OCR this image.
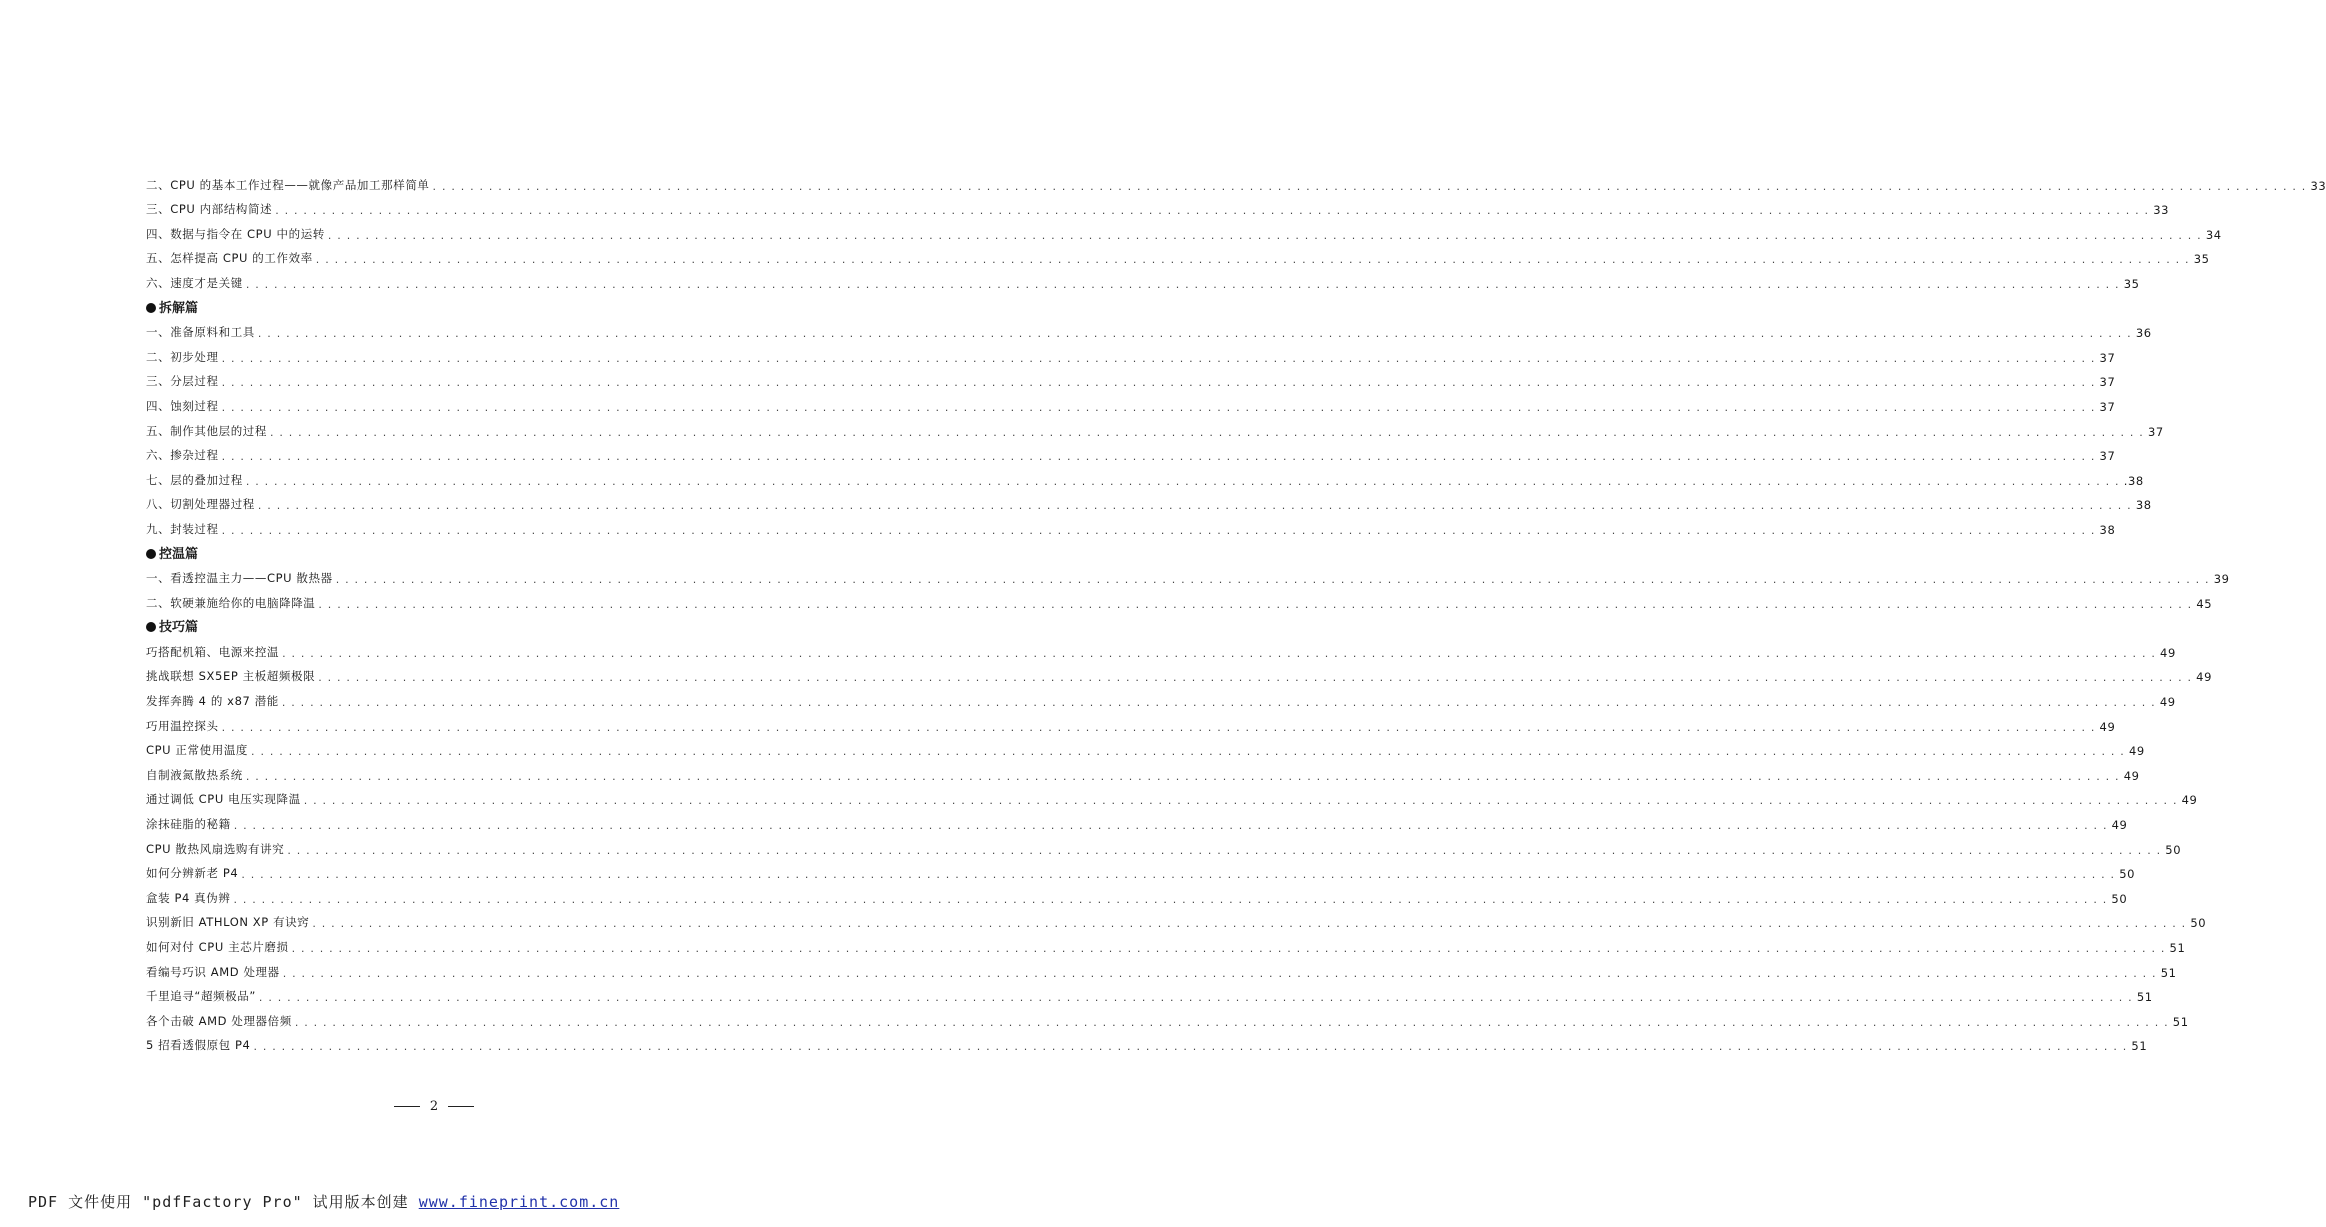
二、CPU 的基本工作过程——就像产品加工那样简单 . . . . . . . . . . . . . . . . . . . . . . . . . . . . . . . . . . . . . . . . . . . . . . . . . . . . . . . . . . . . . . . . . . . . . . . . . . . . . . . . . . . . . . . . . . . . . . . . . . . . . . . . . . . . . . . . . . . . . . . . . . . . . . . . . . . . . . . . . . . . . . . . . . . . . . . . . . . . . . . . . . . . . . . . . . . . . . . . . . . . . . . . . . . . . . . . . . . . . . . . 33
三、CPU 内部结构简述 . . . . . . . . . . . . . . . . . . . . . . . . . . . . . . . . . . . . . . . . . . . . . . . . . . . . . . . . . . . . . . . . . . . . . . . . . . . . . . . . . . . . . . . . . . . . . . . . . . . . . . . . . . . . . . . . . . . . . . . . . . . . . . . . . . . . . . . . . . . . . . . . . . . . . . . . . . . . . . . . . . . . . . . . . . . . . . . . . . . . . . . . . . . . . . . . . . . . . . . . 33
四、数据与指令在 CPU 中的运转 . . . . . . . . . . . . . . . . . . . . . . . . . . . . . . . . . . . . . . . . . . . . . . . . . . . . . . . . . . . . . . . . . . . . . . . . . . . . . . . . . . . . . . . . . . . . . . . . . . . . . . . . . . . . . . . . . . . . . . . . . . . . . . . . . . . . . . . . . . . . . . . . . . . . . . . . . . . . . . . . . . . . . . . . . . . . . . . . . . . . . . . . . . . . . . . . . . . . . . . . 34
五、怎样提高 CPU 的工作效率 . . . . . . . . . . . . . . . . . . . . . . . . . . . . . . . . . . . . . . . . . . . . . . . . . . . . . . . . . . . . . . . . . . . . . . . . . . . . . . . . . . . . . . . . . . . . . . . . . . . . . . . . . . . . . . . . . . . . . . . . . . . . . . . . . . . . . . . . . . . . . . . . . . . . . . . . . . . . . . . . . . . . . . . . . . . . . . . . . . . . . . . . . . . . . . . . . . . . . . . . 35
六、速度才是关键 . . . . . . . . . . . . . . . . . . . . . . . . . . . . . . . . . . . . . . . . . . . . . . . . . . . . . . . . . . . . . . . . . . . . . . . . . . . . . . . . . . . . . . . . . . . . . . . . . . . . . . . . . . . . . . . . . . . . . . . . . . . . . . . . . . . . . . . . . . . . . . . . . . . . . . . . . . . . . . . . . . . . . . . . . . . . . . . . . . . . . . . . . . . . . . . . . . . . . . . . 35
拆解篇
一、准备原料和工具 . . . . . . . . . . . . . . . . . . . . . . . . . . . . . . . . . . . . . . . . . . . . . . . . . . . . . . . . . . . . . . . . . . . . . . . . . . . . . . . . . . . . . . . . . . . . . . . . . . . . . . . . . . . . . . . . . . . . . . . . . . . . . . . . . . . . . . . . . . . . . . . . . . . . . . . . . . . . . . . . . . . . . . . . . . . . . . . . . . . . . . . . . . . . . . . . . . . . . . . . 36
二、初步处理 . . . . . . . . . . . . . . . . . . . . . . . . . . . . . . . . . . . . . . . . . . . . . . . . . . . . . . . . . . . . . . . . . . . . . . . . . . . . . . . . . . . . . . . . . . . . . . . . . . . . . . . . . . . . . . . . . . . . . . . . . . . . . . . . . . . . . . . . . . . . . . . . . . . . . . . . . . . . . . . . . . . . . . . . . . . . . . . . . . . . . . . . . . . . . . . . . . . . . . . . 37
三、分层过程 . . . . . . . . . . . . . . . . . . . . . . . . . . . . . . . . . . . . . . . . . . . . . . . . . . . . . . . . . . . . . . . . . . . . . . . . . . . . . . . . . . . . . . . . . . . . . . . . . . . . . . . . . . . . . . . . . . . . . . . . . . . . . . . . . . . . . . . . . . . . . . . . . . . . . . . . . . . . . . . . . . . . . . . . . . . . . . . . . . . . . . . . . . . . . . . . . . . . . . . . 37
四、蚀刻过程 . . . . . . . . . . . . . . . . . . . . . . . . . . . . . . . . . . . . . . . . . . . . . . . . . . . . . . . . . . . . . . . . . . . . . . . . . . . . . . . . . . . . . . . . . . . . . . . . . . . . . . . . . . . . . . . . . . . . . . . . . . . . . . . . . . . . . . . . . . . . . . . . . . . . . . . . . . . . . . . . . . . . . . . . . . . . . . . . . . . . . . . . . . . . . . . . . . . . . . . . 37
五、制作其他层的过程 . . . . . . . . . . . . . . . . . . . . . . . . . . . . . . . . . . . . . . . . . . . . . . . . . . . . . . . . . . . . . . . . . . . . . . . . . . . . . . . . . . . . . . . . . . . . . . . . . . . . . . . . . . . . . . . . . . . . . . . . . . . . . . . . . . . . . . . . . . . . . . . . . . . . . . . . . . . . . . . . . . . . . . . . . . . . . . . . . . . . . . . . . . . . . . . . . . . . . . . . 37
六、掺杂过程 . . . . . . . . . . . . . . . . . . . . . . . . . . . . . . . . . . . . . . . . . . . . . . . . . . . . . . . . . . . . . . . . . . . . . . . . . . . . . . . . . . . . . . . . . . . . . . . . . . . . . . . . . . . . . . . . . . . . . . . . . . . . . . . . . . . . . . . . . . . . . . . . . . . . . . . . . . . . . . . . . . . . . . . . . . . . . . . . . . . . . . . . . . . . . . . . . . . . . . . . 37
七、层的叠加过程 . . . . . . . . . . . . . . . . . . . . . . . . . . . . . . . . . . . . . . . . . . . . . . . . . . . . . . . . . . . . . . . . . . . . . . . . . . . . . . . . . . . . . . . . . . . . . . . . . . . . . . . . . . . . . . . . . . . . . . . . . . . . . . . . . . . . . . . . . . . . . . . . . . . . . . . . . . . . . . . . . . . . . . . . . . . . . . . . . . . . . . . . . . . . . . . . . . . . . . . . .38
八、切割处理器过程 . . . . . . . . . . . . . . . . . . . . . . . . . . . . . . . . . . . . . . . . . . . . . . . . . . . . . . . . . . . . . . . . . . . . . . . . . . . . . . . . . . . . . . . . . . . . . . . . . . . . . . . . . . . . . . . . . . . . . . . . . . . . . . . . . . . . . . . . . . . . . . . . . . . . . . . . . . . . . . . . . . . . . . . . . . . . . . . . . . . . . . . . . . . . . . . . . . . . . . . . 38
九、封装过程 . . . . . . . . . . . . . . . . . . . . . . . . . . . . . . . . . . . . . . . . . . . . . . . . . . . . . . . . . . . . . . . . . . . . . . . . . . . . . . . . . . . . . . . . . . . . . . . . . . . . . . . . . . . . . . . . . . . . . . . . . . . . . . . . . . . . . . . . . . . . . . . . . . . . . . . . . . . . . . . . . . . . . . . . . . . . . . . . . . . . . . . . . . . . . . . . . . . . . . . . 38
控温篇
一、看透控温主力——CPU 散热器 . . . . . . . . . . . . . . . . . . . . . . . . . . . . . . . . . . . . . . . . . . . . . . . . . . . . . . . . . . . . . . . . . . . . . . . . . . . . . . . . . . . . . . . . . . . . . . . . . . . . . . . . . . . . . . . . . . . . . . . . . . . . . . . . . . . . . . . . . . . . . . . . . . . . . . . . . . . . . . . . . . . . . . . . . . . . . . . . . . . . . . . . . . . . . . . . . . . . . . . . 39
二、软硬兼施给你的电脑降降温 . . . . . . . . . . . . . . . . . . . . . . . . . . . . . . . . . . . . . . . . . . . . . . . . . . . . . . . . . . . . . . . . . . . . . . . . . . . . . . . . . . . . . . . . . . . . . . . . . . . . . . . . . . . . . . . . . . . . . . . . . . . . . . . . . . . . . . . . . . . . . . . . . . . . . . . . . . . . . . . . . . . . . . . . . . . . . . . . . . . . . . . . . . . . . . . . . . . . . . . . 45
技巧篇
巧搭配机箱、电源来控温 . . . . . . . . . . . . . . . . . . . . . . . . . . . . . . . . . . . . . . . . . . . . . . . . . . . . . . . . . . . . . . . . . . . . . . . . . . . . . . . . . . . . . . . . . . . . . . . . . . . . . . . . . . . . . . . . . . . . . . . . . . . . . . . . . . . . . . . . . . . . . . . . . . . . . . . . . . . . . . . . . . . . . . . . . . . . . . . . . . . . . . . . . . . . . . . . . . . . . . . . 49
挑战联想 SX5EP 主板超频极限 . . . . . . . . . . . . . . . . . . . . . . . . . . . . . . . . . . . . . . . . . . . . . . . . . . . . . . . . . . . . . . . . . . . . . . . . . . . . . . . . . . . . . . . . . . . . . . . . . . . . . . . . . . . . . . . . . . . . . . . . . . . . . . . . . . . . . . . . . . . . . . . . . . . . . . . . . . . . . . . . . . . . . . . . . . . . . . . . . . . . . . . . . . . . . . . . . . . . . . . . 49
发挥奔腾 4 的 x87 潜能 . . . . . . . . . . . . . . . . . . . . . . . . . . . . . . . . . . . . . . . . . . . . . . . . . . . . . . . . . . . . . . . . . . . . . . . . . . . . . . . . . . . . . . . . . . . . . . . . . . . . . . . . . . . . . . . . . . . . . . . . . . . . . . . . . . . . . . . . . . . . . . . . . . . . . . . . . . . . . . . . . . . . . . . . . . . . . . . . . . . . . . . . . . . . . . . . . . . . . . . . 49
巧用温控探头 . . . . . . . . . . . . . . . . . . . . . . . . . . . . . . . . . . . . . . . . . . . . . . . . . . . . . . . . . . . . . . . . . . . . . . . . . . . . . . . . . . . . . . . . . . . . . . . . . . . . . . . . . . . . . . . . . . . . . . . . . . . . . . . . . . . . . . . . . . . . . . . . . . . . . . . . . . . . . . . . . . . . . . . . . . . . . . . . . . . . . . . . . . . . . . . . . . . . . . . . 49
CPU 正常使用温度 . . . . . . . . . . . . . . . . . . . . . . . . . . . . . . . . . . . . . . . . . . . . . . . . . . . . . . . . . . . . . . . . . . . . . . . . . . . . . . . . . . . . . . . . . . . . . . . . . . . . . . . . . . . . . . . . . . . . . . . . . . . . . . . . . . . . . . . . . . . . . . . . . . . . . . . . . . . . . . . . . . . . . . . . . . . . . . . . . . . . . . . . . . . . . . . . . . . . . . . . 49
自制液氮散热系统 . . . . . . . . . . . . . . . . . . . . . . . . . . . . . . . . . . . . . . . . . . . . . . . . . . . . . . . . . . . . . . . . . . . . . . . . . . . . . . . . . . . . . . . . . . . . . . . . . . . . . . . . . . . . . . . . . . . . . . . . . . . . . . . . . . . . . . . . . . . . . . . . . . . . . . . . . . . . . . . . . . . . . . . . . . . . . . . . . . . . . . . . . . . . . . . . . . . . . . . . 49
通过调低 CPU 电压实现降温 . . . . . . . . . . . . . . . . . . . . . . . . . . . . . . . . . . . . . . . . . . . . . . . . . . . . . . . . . . . . . . . . . . . . . . . . . . . . . . . . . . . . . . . . . . . . . . . . . . . . . . . . . . . . . . . . . . . . . . . . . . . . . . . . . . . . . . . . . . . . . . . . . . . . . . . . . . . . . . . . . . . . . . . . . . . . . . . . . . . . . . . . . . . . . . . . . . . . . . . . 49
涂抹硅脂的秘籍 . . . . . . . . . . . . . . . . . . . . . . . . . . . . . . . . . . . . . . . . . . . . . . . . . . . . . . . . . . . . . . . . . . . . . . . . . . . . . . . . . . . . . . . . . . . . . . . . . . . . . . . . . . . . . . . . . . . . . . . . . . . . . . . . . . . . . . . . . . . . . . . . . . . . . . . . . . . . . . . . . . . . . . . . . . . . . . . . . . . . . . . . . . . . . . . . . . . . . . . . 49
CPU 散热风扇选购有讲究 . . . . . . . . . . . . . . . . . . . . . . . . . . . . . . . . . . . . . . . . . . . . . . . . . . . . . . . . . . . . . . . . . . . . . . . . . . . . . . . . . . . . . . . . . . . . . . . . . . . . . . . . . . . . . . . . . . . . . . . . . . . . . . . . . . . . . . . . . . . . . . . . . . . . . . . . . . . . . . . . . . . . . . . . . . . . . . . . . . . . . . . . . . . . . . . . . . . . . . . . 50
如何分辨新老 P4 . . . . . . . . . . . . . . . . . . . . . . . . . . . . . . . . . . . . . . . . . . . . . . . . . . . . . . . . . . . . . . . . . . . . . . . . . . . . . . . . . . . . . . . . . . . . . . . . . . . . . . . . . . . . . . . . . . . . . . . . . . . . . . . . . . . . . . . . . . . . . . . . . . . . . . . . . . . . . . . . . . . . . . . . . . . . . . . . . . . . . . . . . . . . . . . . . . . . . . . . 50
盒装 P4 真伪辨 . . . . . . . . . . . . . . . . . . . . . . . . . . . . . . . . . . . . . . . . . . . . . . . . . . . . . . . . . . . . . . . . . . . . . . . . . . . . . . . . . . . . . . . . . . . . . . . . . . . . . . . . . . . . . . . . . . . . . . . . . . . . . . . . . . . . . . . . . . . . . . . . . . . . . . . . . . . . . . . . . . . . . . . . . . . . . . . . . . . . . . . . . . . . . . . . . . . . . . . . 50
识别新旧 ATHLON XP 有诀窍 . . . . . . . . . . . . . . . . . . . . . . . . . . . . . . . . . . . . . . . . . . . . . . . . . . . . . . . . . . . . . . . . . . . . . . . . . . . . . . . . . . . . . . . . . . . . . . . . . . . . . . . . . . . . . . . . . . . . . . . . . . . . . . . . . . . . . . . . . . . . . . . . . . . . . . . . . . . . . . . . . . . . . . . . . . . . . . . . . . . . . . . . . . . . . . . . . . . . . . . . 50
如何对付 CPU 主芯片磨损 . . . . . . . . . . . . . . . . . . . . . . . . . . . . . . . . . . . . . . . . . . . . . . . . . . . . . . . . . . . . . . . . . . . . . . . . . . . . . . . . . . . . . . . . . . . . . . . . . . . . . . . . . . . . . . . . . . . . . . . . . . . . . . . . . . . . . . . . . . . . . . . . . . . . . . . . . . . . . . . . . . . . . . . . . . . . . . . . . . . . . . . . . . . . . . . . . . . . . . . . 51
看编号巧识 AMD 处理器 . . . . . . . . . . . . . . . . . . . . . . . . . . . . . . . . . . . . . . . . . . . . . . . . . . . . . . . . . . . . . . . . . . . . . . . . . . . . . . . . . . . . . . . . . . . . . . . . . . . . . . . . . . . . . . . . . . . . . . . . . . . . . . . . . . . . . . . . . . . . . . . . . . . . . . . . . . . . . . . . . . . . . . . . . . . . . . . . . . . . . . . . . . . . . . . . . . . . . . . . 51
千里追寻“超频极品” . . . . . . . . . . . . . . . . . . . . . . . . . . . . . . . . . . . . . . . . . . . . . . . . . . . . . . . . . . . . . . . . . . . . . . . . . . . . . . . . . . . . . . . . . . . . . . . . . . . . . . . . . . . . . . . . . . . . . . . . . . . . . . . . . . . . . . . . . . . . . . . . . . . . . . . . . . . . . . . . . . . . . . . . . . . . . . . . . . . . . . . . . . . . . . . . . . . . . . . . 51
各个击破 AMD 处理器倍频 . . . . . . . . . . . . . . . . . . . . . . . . . . . . . . . . . . . . . . . . . . . . . . . . . . . . . . . . . . . . . . . . . . . . . . . . . . . . . . . . . . . . . . . . . . . . . . . . . . . . . . . . . . . . . . . . . . . . . . . . . . . . . . . . . . . . . . . . . . . . . . . . . . . . . . . . . . . . . . . . . . . . . . . . . . . . . . . . . . . . . . . . . . . . . . . . . . . . . . . . 51
5 招看透假原包 P4 . . . . . . . . . . . . . . . . . . . . . . . . . . . . . . . . . . . . . . . . . . . . . . . . . . . . . . . . . . . . . . . . . . . . . . . . . . . . . . . . . . . . . . . . . . . . . . . . . . . . . . . . . . . . . . . . . . . . . . . . . . . . . . . . . . . . . . . . . . . . . . . . . . . . . . . . . . . . . . . . . . . . . . . . . . . . . . . . . . . . . . . . . . . . . . . . . . . . . . . . 51
2
PDF 文件使用 "pdfFactory Pro" 试用版本创建 www.fineprint.com.cn
